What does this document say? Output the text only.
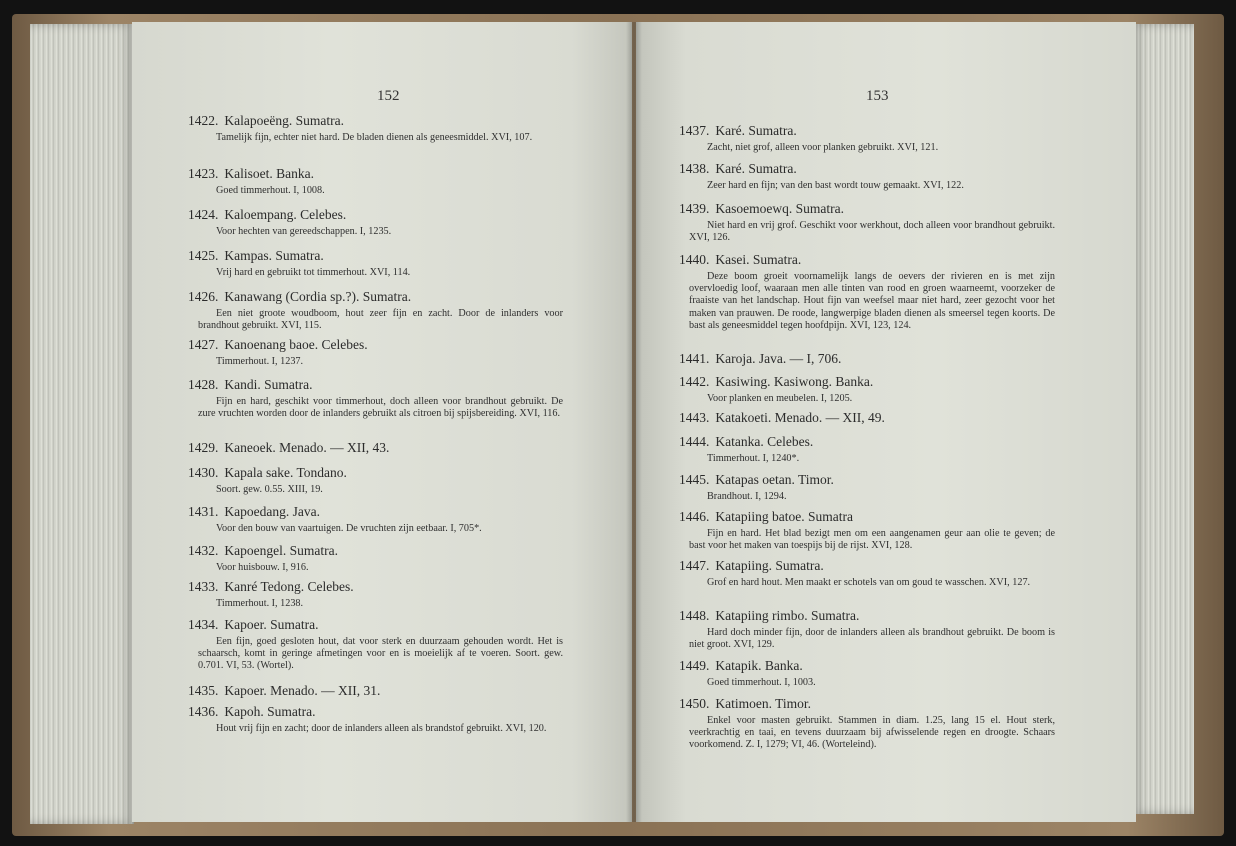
152	153
1422. Kalapoeëng. Sumatra.

Tamelijk fijn, echter niet hard. De bladen dienen als geneesmiddel. XVI, 107.

1423. Kalisoet. Banka.

Goed timmerhout. I, 1008.

1424. Kaloempang. Celebes.

Voor hechten van gereedschappen. I, 1235.

1425. Kampas. Sumatra.

Vrij hard en gebruikt tot timmerhout. XVI, 114.

1426. Kanawang (Cordia sp.?). Sumatra.

Een niet groote woudboom, hout zeer fijn en zacht. Door de inlanders voor brandhout gebruikt. XVI, 115.

1427. Kanoenang baoe. Celebes.

Timmerhout. I, 1237.

1428. Kandi. Sumatra.

Fijn en hard, geschikt voor timmerhout, doch alleen voor brandhout gebruikt. De zure vruchten worden door de inlanders gebruikt als citroen bij spijsbereiding. XVI, 116.

1429. Kaneoek. Menado. — XII, 43.
1430. Kapala sake. Tondano.

Soort. gew. 0.55. XIII, 19.

1431. Kapoedang. Java.

Voor den bouw van vaartuigen. De vruchten zijn eetbaar. I, 705*.

1432. Kapoengel. Sumatra.

Voor huisbouw. I, 916.

1433. Kanré Tedong. Celebes.

Timmerhout. I, 1238.

1434. Kapoer. Sumatra.

Een fijn, goed gesloten hout, dat voor sterk en duurzaam gehouden wordt. Het is schaarsch, komt in geringe afmetingen voor en is moeielijk af te voeren. Soort. gew. 0.701. VI, 53. (Wortel).

1435. Kapoer. Menado. — XII, 31.
1436. Kapoh. Sumatra.

Hout vrij fijn en zacht; door de inlanders alleen als brandstof gebruikt. XVI, 120.

1437. Karé. Sumatra.

Zacht, niet grof, alleen voor planken gebruikt. XVI, 121.

1438. Karé. Sumatra.

Zeer hard en fijn; van den bast wordt touw gemaakt. XVI, 122.

1439. Kasoemoewq. Sumatra.

Niet hard en vrij grof. Geschikt voor werkhout, doch alleen voor brandhout gebruikt. XVI, 126.

1440. Kasei. Sumatra.

Deze boom groeit voornamelijk langs de oevers der rivieren en is met zijn overvloedig loof, waaraan men alle tinten van rood en groen waarneemt, voorzeker de fraaiste van het landschap. Hout fijn van weefsel maar niet hard, zeer gezocht voor het maken van prauwen. De roode, langwerpige bladen dienen als smeersel tegen koorts. De bast als geneesmiddel tegen hoofdpijn. XVI, 123, 124.

1441. Karoja. Java. — I, 706.
1442. Kasiwing. Kasiwong. Banka.

Voor planken en meubelen. I, 1205.

1443. Katakoeti. Menado. — XII, 49.
1444. Katanka. Celebes.

Timmerhout. I, 1240*.

1445. Katapas oetan. Timor.

Brandhout. I, 1294.

1446. Katapiing batoe. Sumatra

Fijn en hard. Het blad bezigt men om een aangenamen geur aan olie te geven; de bast voor het maken van toespijs bij de rijst. XVI, 128.

1447. Katapiing. Sumatra.

Grof en hard hout. Men maakt er schotels van om goud te wasschen. XVI, 127.

1448. Katapiing rimbo. Sumatra.

Hard doch minder fijn, door de inlanders alleen als brandhout gebruikt. De boom is niet groot. XVI, 129.

1449. Katapik. Banka.

Goed timmerhout. I, 1003.

1450. Katimoen. Timor.

Enkel voor masten gebruikt. Stammen in diam. 1.25, lang 15 el. Hout sterk, veerkrachtig en taai, en tevens duurzaam bij afwisselende regen en droogte. Schaars voorkomend. Z. I, 1279; VI, 46. (Worteleind).
